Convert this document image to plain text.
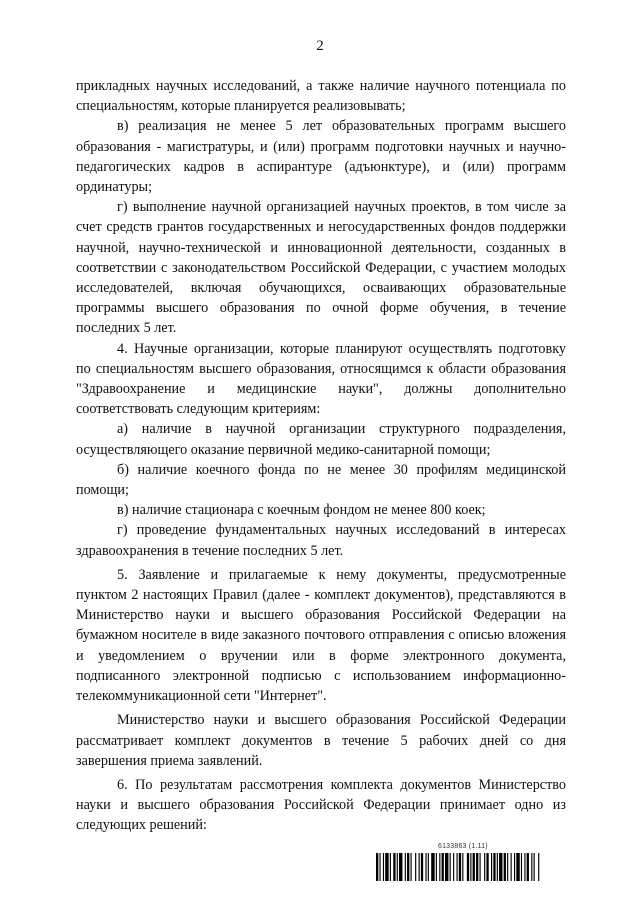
2

прикладных научных исследований, а также наличие научного потенциала по специальностям, которые планируется реализовывать;

в) реализация не менее 5 лет образовательных программ высшего образования - магистратуры, и (или) программ подготовки научных и научно-педагогических кадров в аспирантуре (адъюнктуре), и (или) программ ординатуры;

г) выполнение научной организацией научных проектов, в том числе за счет средств грантов государственных и негосударственных фондов поддержки научной, научно-технической и инновационной деятельности, созданных в соответствии с законодательством Российской Федерации, с участием молодых исследователей, включая обучающихся, осваивающих образовательные программы высшего образования по очной форме обучения, в течение последних 5 лет.

4. Научные организации, которые планируют осуществлять подготовку по специальностям высшего образования, относящимся к области образования "Здравоохранение и медицинские науки", должны дополнительно соответствовать следующим критериям:

а) наличие в научной организации структурного подразделения, осуществляющего оказание первичной медико-санитарной помощи;

б) наличие коечного фонда по не менее 30 профилям медицинской помощи;

в) наличие стационара с коечным фондом не менее 800 коек;

г) проведение фундаментальных научных исследований в интересах здравоохранения в течение последних 5 лет.

5. Заявление и прилагаемые к нему документы, предусмотренные пунктом 2 настоящих Правил (далее - комплект документов), представляются в Министерство науки и высшего образования Российской Федерации на бумажном носителе в виде заказного почтового отправления с описью вложения и уведомлением о вручении или в форме электронного документа, подписанного электронной подписью с использованием информационно-телекоммуникационной сети "Интернет".

Министерство науки и высшего образования Российской Федерации рассматривает комплект документов в течение 5 рабочих дней со дня завершения приема заявлений.

6. По результатам рассмотрения комплекта документов Министерство науки и высшего образования Российской Федерации принимает одно из следующих решений:

6133863 (1.11)
